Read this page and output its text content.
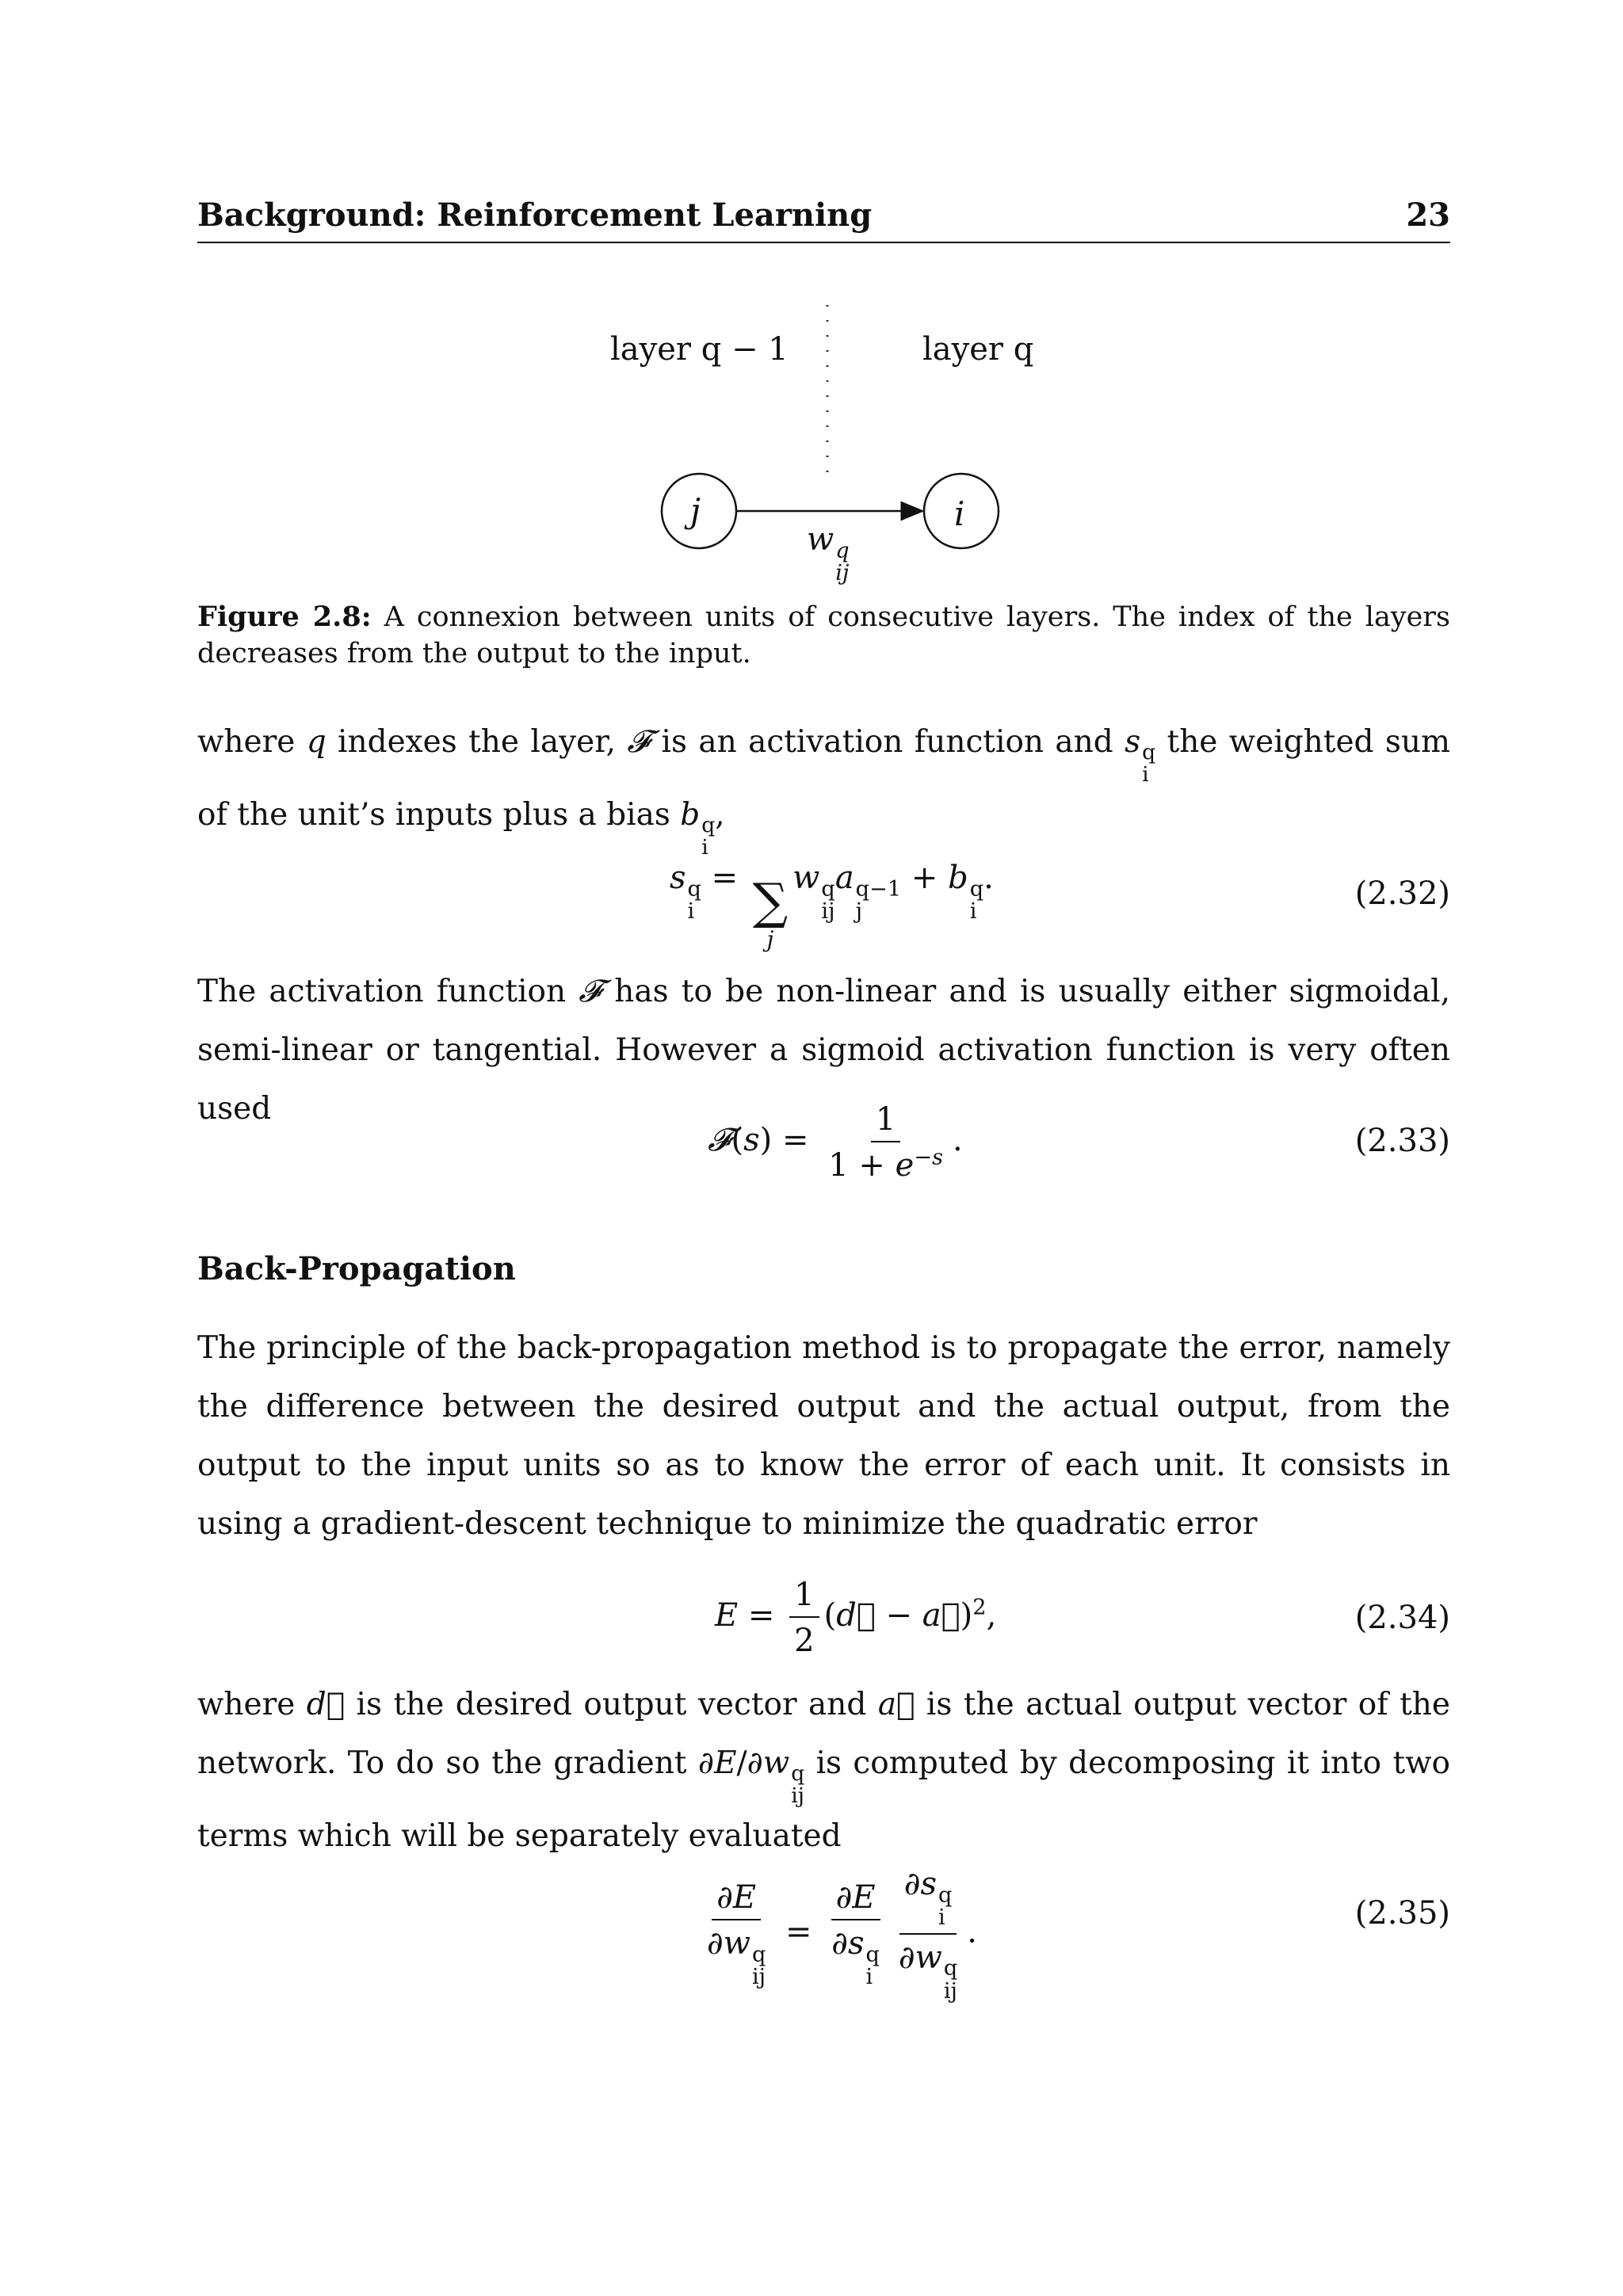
Background: Reinforcement Learning	23
layer q − 1	layer q
j	i
w q
ij
Figure 2.8: A connexion between units of consecutive layers. The index of the layers decreases from the output to the input.
where q indexes the layer, 𝓕 is an activation function and s q
i
the weighted sum of the unit’s inputs plus a bias b q
i
,
s q
i
= ∑
j
w q
ij
a q−1
j
+ b q
i
.	(2.32)
The activation function 𝓕 has to be non-linear and is usually either sigmoidal, semi-linear or tangential. However a sigmoid activation function is very often used
𝓕(s) = $\frac{1}{1 + e^{-s}}$ .	(2.33)
Back-Propagation
The principle of the back-propagation method is to propagate the error, namely the difference between the desired output and the actual output, from the output to the input units so as to know the error of each unit. It consists in using a gradient-descent technique to minimize the quadratic error
$E = \frac{1}{2}$ (d⃗ − a⃗)$^2$,	(2.34)
where d⃗ is the desired output vector and a⃗ is the actual output vector of the network. To do so the gradient ∂E/∂w q
ij
is computed by decomposing it into two terms which will be separately evaluated
∂E
∂w q
ij = ∂E
∂s q
i ∂s q
i
∂w q
ij .
(2.35)
